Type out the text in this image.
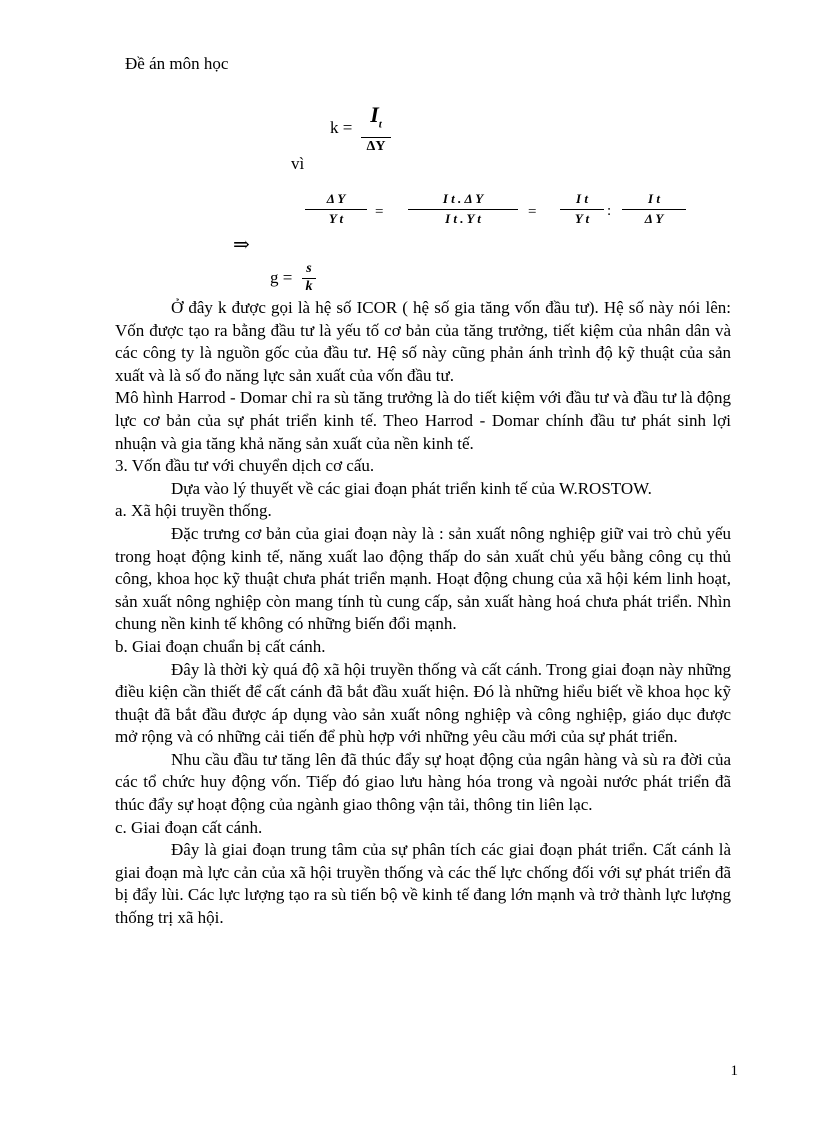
Đề án môn học
k =
$I_t$
ΔY
vì
Δ Y
Y t	=
I t . Δ Y
I t . Y t	=
I t
Y t	:
I t
Δ Y
⇒
g = s
k

Ở đây k được gọi là hệ số ICOR ( hệ số gia tăng vốn đầu tư). Hệ số này nói lên: Vốn được tạo ra bằng đầu tư là yếu tố cơ bản của tăng trưởng, tiết kiệm của nhân dân và các công ty là nguồn gốc của đầu tư. Hệ số này cũng phản ánh trình độ kỹ thuật của sản xuất và là số đo năng lực sản xuất của vốn đầu tư.

Mô hình Harrod - Domar chỉ ra sù tăng trưởng là do tiết kiệm với đầu tư và đầu tư là động lực cơ bản của sự phát triển kinh tế. Theo Harrod - Domar chính đầu tư phát sinh lợi nhuận và gia tăng khả năng sản xuất của nền kinh tế.

3. Vốn đầu tư với chuyển dịch cơ cấu.

Dựa vào lý thuyết về các giai đoạn phát triển kinh tế của W.ROSTOW.

a. Xã hội truyền thống.

Đặc trưng cơ bản của giai đoạn này là : sản xuất nông nghiệp giữ vai trò chủ yếu trong hoạt động kinh tế, năng xuất lao động thấp do sản xuất chủ yếu bằng công cụ thủ công, khoa học kỹ thuật chưa phát triển mạnh. Hoạt động chung của xã hội kém linh hoạt, sản xuất nông nghiệp còn mang tính tù cung cấp, sản xuất hàng hoá chưa phát triển. Nhìn chung nền kinh tế không có những biến đổi mạnh.

b. Giai đoạn chuẩn bị cất cánh.

Đây là thời kỳ quá độ xã hội truyền thống và cất cánh. Trong giai đoạn này những điều kiện cần thiết để cất cánh đã bắt đầu xuất hiện. Đó là những hiểu biết về khoa học kỹ thuật đã bắt đầu được áp dụng vào sản xuất nông nghiệp và công nghiệp, giáo dục được mở rộng và có những cải tiến để phù hợp với những yêu cầu mới của sự phát triển.

Nhu cầu đầu tư tăng lên đã thúc đẩy sự hoạt động của ngân hàng và sù ra đời của các tổ chức huy động vốn. Tiếp đó giao lưu hàng hóa trong và ngoài nước phát triển đã thúc đẩy sự hoạt động của ngành giao thông vận tải, thông tin liên lạc.

c. Giai đoạn cất cánh.

Đây là giai đoạn trung tâm của sự phân tích các giai đoạn phát triển. Cất cánh là giai đoạn mà lực cản của xã hội truyền thống và các thế lực chống đối với sự phát triển đã bị đẩy lùi. Các lực lượng tạo ra sù tiến bộ về kinh tế đang lớn mạnh và trở thành lực lượng thống trị xã hội.

1
